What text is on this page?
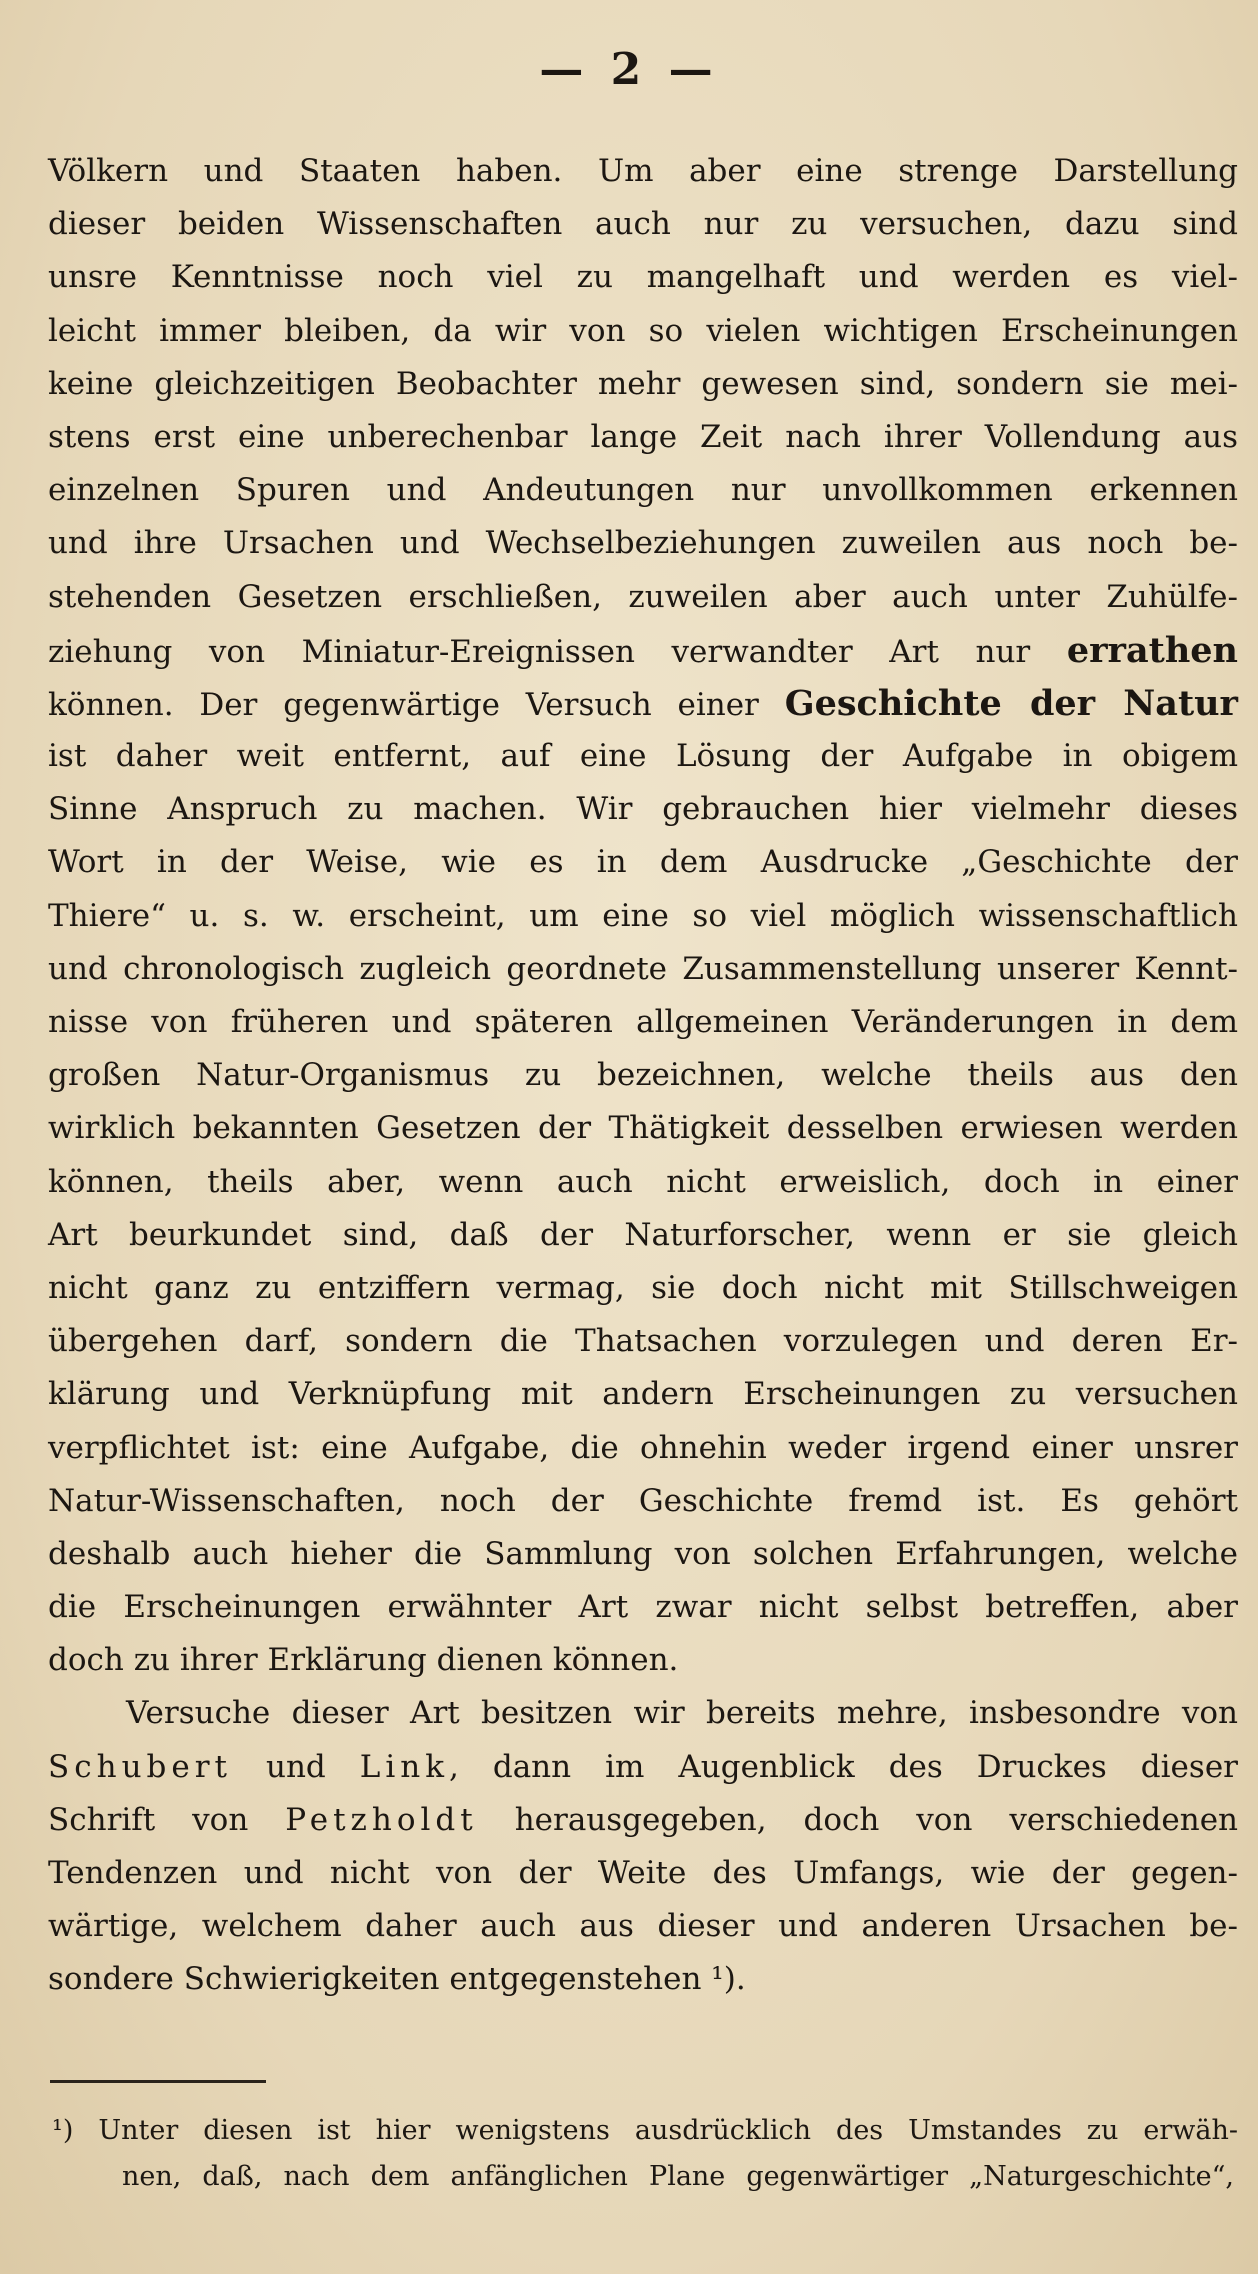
— 2 —
Völkern und Staaten haben. Um aber eine strenge Darstellung
dieser beiden Wissenschaften auch nur zu versuchen, dazu sind
unsre Kenntnisse noch viel zu mangelhaft und werden es viel-
leicht immer bleiben, da wir von so vielen wichtigen Erscheinungen
keine gleichzeitigen Beobachter mehr gewesen sind, sondern sie mei-
stens erst eine unberechenbar lange Zeit nach ihrer Vollendung aus
einzelnen Spuren und Andeutungen nur unvollkommen erkennen
und ihre Ursachen und Wechselbeziehungen zuweilen aus noch be-
stehenden Gesetzen erschließen, zuweilen aber auch unter Zuhülfe-
ziehung von Miniatur-Ereignissen verwandter Art nur errathen
können. Der gegenwärtige Versuch einer Geschichte der Natur
ist daher weit entfernt, auf eine Lösung der Aufgabe in obigem
Sinne Anspruch zu machen. Wir gebrauchen hier vielmehr dieses
Wort in der Weise, wie es in dem Ausdrucke „Geschichte der
Thiere“ u. s. w. erscheint, um eine so viel möglich wissenschaftlich
und chronologisch zugleich geordnete Zusammenstellung unserer Kennt-
nisse von früheren und späteren allgemeinen Veränderungen in dem
großen Natur-Organismus zu bezeichnen, welche theils aus den
wirklich bekannten Gesetzen der Thätigkeit desselben erwiesen werden
können, theils aber, wenn auch nicht erweislich, doch in einer
Art beurkundet sind, daß der Naturforscher, wenn er sie gleich
nicht ganz zu entziffern vermag, sie doch nicht mit Stillschweigen
übergehen darf, sondern die Thatsachen vorzulegen und deren Er-
klärung und Verknüpfung mit andern Erscheinungen zu versuchen
verpflichtet ist: eine Aufgabe, die ohnehin weder irgend einer unsrer
Natur-Wissenschaften, noch der Geschichte fremd ist. Es gehört
deshalb auch hieher die Sammlung von solchen Erfahrungen, welche
die Erscheinungen erwähnter Art zwar nicht selbst betreffen, aber
doch zu ihrer Erklärung dienen können.
Versuche dieser Art besitzen wir bereits mehre, insbesondre von
Schubert und Link, dann im Augenblick des Druckes dieser
Schrift von Petzholdt herausgegeben, doch von verschiedenen
Tendenzen und nicht von der Weite des Umfangs, wie der gegen-
wärtige, welchem daher auch aus dieser und anderen Ursachen be-
sondere Schwierigkeiten entgegenstehen ¹).
¹) Unter diesen ist hier wenigstens ausdrücklich des Umstandes zu erwäh-
nen, daß, nach dem anfänglichen Plane gegenwärtiger „Naturgeschichte“,
